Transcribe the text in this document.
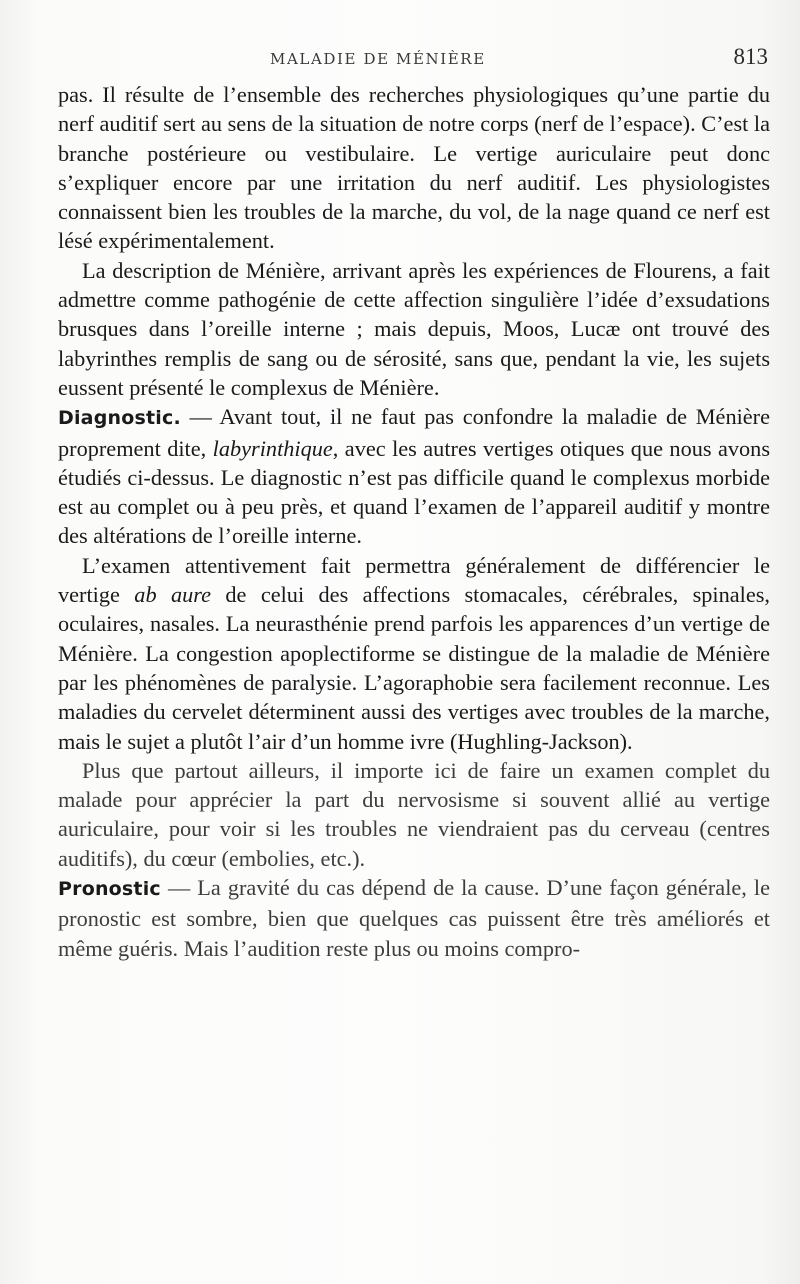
MALADIE DE MÉNIÈRE	813

pas. Il résulte de l’ensemble des recherches physiologiques qu’une partie du nerf auditif sert au sens de la situation de notre corps (nerf de l’espace). C’est la branche postérieure ou vestibulaire. Le vertige auriculaire peut donc s’expliquer encore par une irritation du nerf auditif. Les physiologistes connaissent bien les troubles de la marche, du vol, de la nage quand ce nerf est lésé expérimentalement.

La description de Ménière, arrivant après les expériences de Flourens, a fait admettre comme pathogénie de cette affection singulière l’idée d’exsudations brusques dans l’oreille interne ; mais depuis, Moos, Lucæ ont trouvé des labyrinthes remplis de sang ou de sérosité, sans que, pendant la vie, les sujets eussent présenté le complexus de Ménière.

Diagnostic. — Avant tout, il ne faut pas confondre la maladie de Ménière proprement dite, labyrinthique, avec les autres vertiges otiques que nous avons étudiés ci-dessus. Le diagnostic n’est pas difficile quand le complexus morbide est au complet ou à peu près, et quand l’examen de l’appareil auditif y montre des altérations de l’oreille interne.

L’examen attentivement fait permettra généralement de différencier le vertige ab aure de celui des affections stomacales, cérébrales, spinales, oculaires, nasales. La neurasthénie prend parfois les apparences d’un vertige de Ménière. La congestion apoplectiforme se distingue de la maladie de Ménière par les phénomènes de paralysie. L’agoraphobie sera facilement reconnue. Les maladies du cervelet déterminent aussi des vertiges avec troubles de la marche, mais le sujet a plutôt l’air d’un homme ivre (Hughling-Jackson).

Plus que partout ailleurs, il importe ici de faire un examen complet du malade pour apprécier la part du nervosisme si souvent allié au vertige auriculaire, pour voir si les troubles ne viendraient pas du cerveau (centres auditifs), du cœur (embolies, etc.).

Pronostic — La gravité du cas dépend de la cause. D’une façon générale, le pronostic est sombre, bien que quelques cas puissent être très améliorés et même guéris. Mais l’audition reste plus ou moins compro-
